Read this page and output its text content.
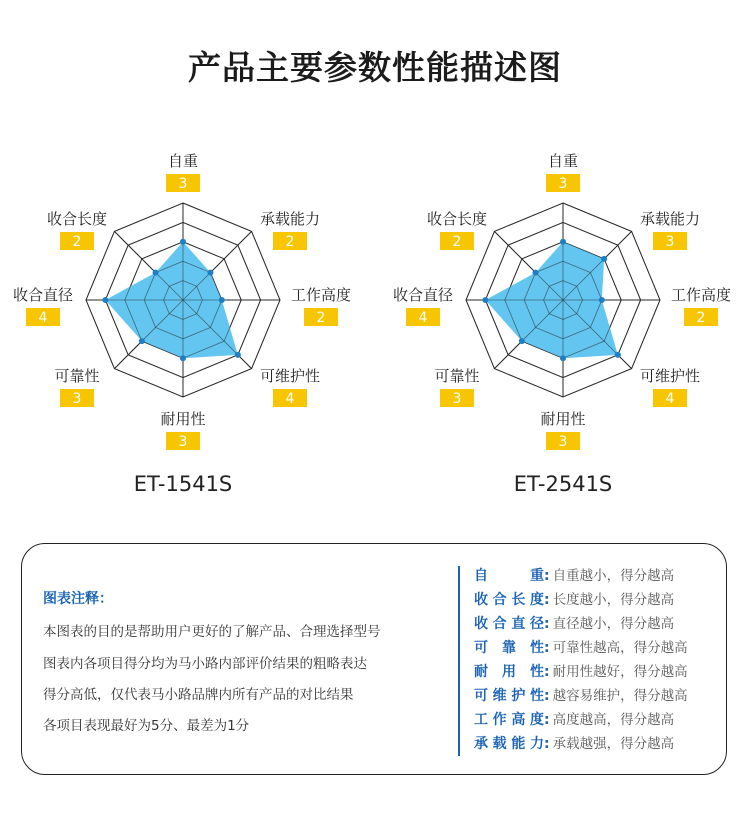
产品主要参数性能描述图
自重
3
承载能力
2
工作高度
2
可维护性
4
耐用性
3
可靠性
3
收合直径
4
收合长度
2
ET-1541S
自重
3
承载能力
3
工作高度
2
可维护性
4
耐用性
3
可靠性
3
收合直径
4
收合长度
2
ET-2541S
图表注释：
本图表的目的是帮助用户更好的了解产品、合理选择型号
图表内各项目得分均为马小路内部评价结果的粗略表达
得分高低，仅代表马小路品牌内所有产品的对比结果
各项目表现最好为5分、最差为1分
自重: 自重越小，得分越高
收合长度: 长度越小，得分越高
收合直径: 直径越小，得分越高
可靠性: 可靠性越高，得分越高
耐用性: 耐用性越好，得分越高
可维护性: 越容易维护，得分越高
工作高度: 高度越高，得分越高
承载能力: 承载越强，得分越高
